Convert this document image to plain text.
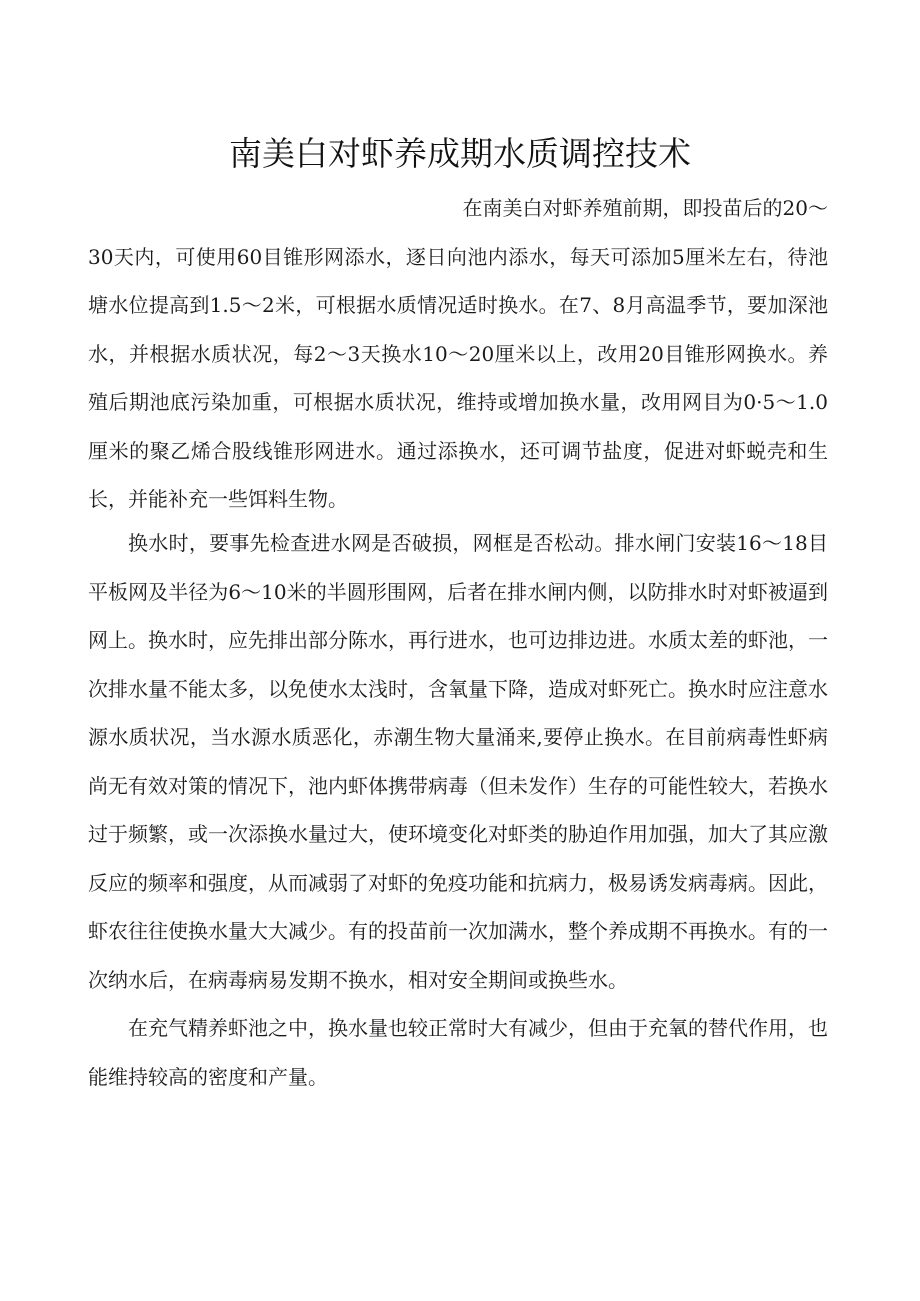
南美白对虾养成期水质调控技术
在南美白对虾养殖前期，即投苗后的20～
30天内，可使用60目锥形网添水，逐日向池内添水，每天可添加5厘米左右，待池塘水位提高到1.5～2米，可根据水质情况适时换水。在7、8月高温季节，要加深池水，并根据水质状况，每2～3天换水10～20厘米以上，改用20目锥形网换水。养殖后期池底污染加重，可根据水质状况，维持或增加换水量，改用网目为0·5～1.0厘米的聚乙烯合股线锥形网进水。通过添换水，还可调节盐度，促进对虾蜕壳和生长，并能补充一些饵料生物。

换水时，要事先检查进水网是否破损，网框是否松动。排水闸门安装16～18目平板网及半径为6～10米的半圆形围网，后者在排水闸内侧，以防排水时对虾被逼到网上。换水时，应先排出部分陈水，再行进水，也可边排边进。水质太差的虾池，一次排水量不能太多，以免使水太浅时，含氧量下降，造成对虾死亡。换水时应注意水源水质状况，当水源水质恶化，赤潮生物大量涌来,要停止换水。在目前病毒性虾病尚无有效对策的情况下，池内虾体携带病毒（但未发作）生存的可能性较大，若换水过于频繁，或一次添换水量过大，使环境变化对虾类的胁迫作用加强，加大了其应激反应的频率和强度，从而减弱了对虾的免疫功能和抗病力，极易诱发病毒病。因此，虾农往往使换水量大大减少。有的投苗前一次加满水，整个养成期不再换水。有的一次纳水后，在病毒病易发期不换水，相对安全期间或换些水。

在充气精养虾池之中，换水量也较正常时大有减少，但由于充氧的替代作用，也能维持较高的密度和产量。
